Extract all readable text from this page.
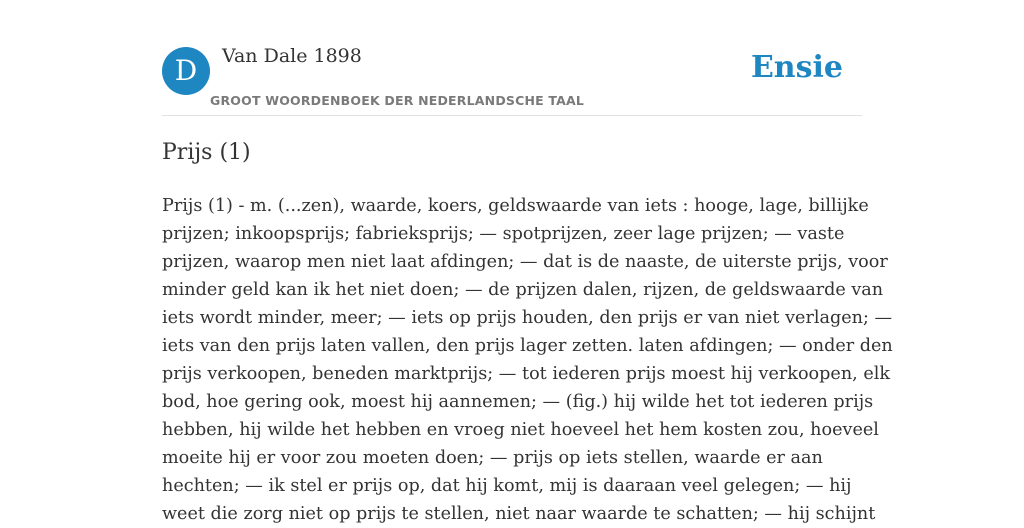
D	Van Dale 1898
GROOT WOORDENBOEK DER NEDERLANDSCHE TAAL
Ensie
Prijs (1)
Prijs (1) - m. (...zen), waarde, koers, geldswaarde van iets : hooge, lage, billijke
prijzen; inkoopsprijs; fabrieksprijs; — spotprijzen, zeer lage prijzen; — vaste
prijzen, waarop men niet laat afdingen; — dat is de naaste, de uiterste prijs, voor
minder geld kan ik het niet doen; — de prijzen dalen, rijzen, de geldswaarde van
iets wordt minder, meer; — iets op prijs houden, den prijs er van niet verlagen; —
iets van den prijs laten vallen, den prijs lager zetten. laten afdingen; — onder den
prijs verkoopen, beneden marktprijs; — tot iederen prijs moest hij verkoopen, elk
bod, hoe gering ook, moest hij aannemen; — (fig.) hij wilde het tot iederen prijs
hebben, hij wilde het hebben en vroeg niet hoeveel het hem kosten zou, hoeveel
moeite hij er voor zou moeten doen; — prijs op iets stellen, waarde er aan
hechten; — ik stel er prijs op, dat hij komt, mij is daaraan veel gelegen; — hij
weet die zorg niet op prijs te stellen, niet naar waarde te schatten; — hij schijnt
